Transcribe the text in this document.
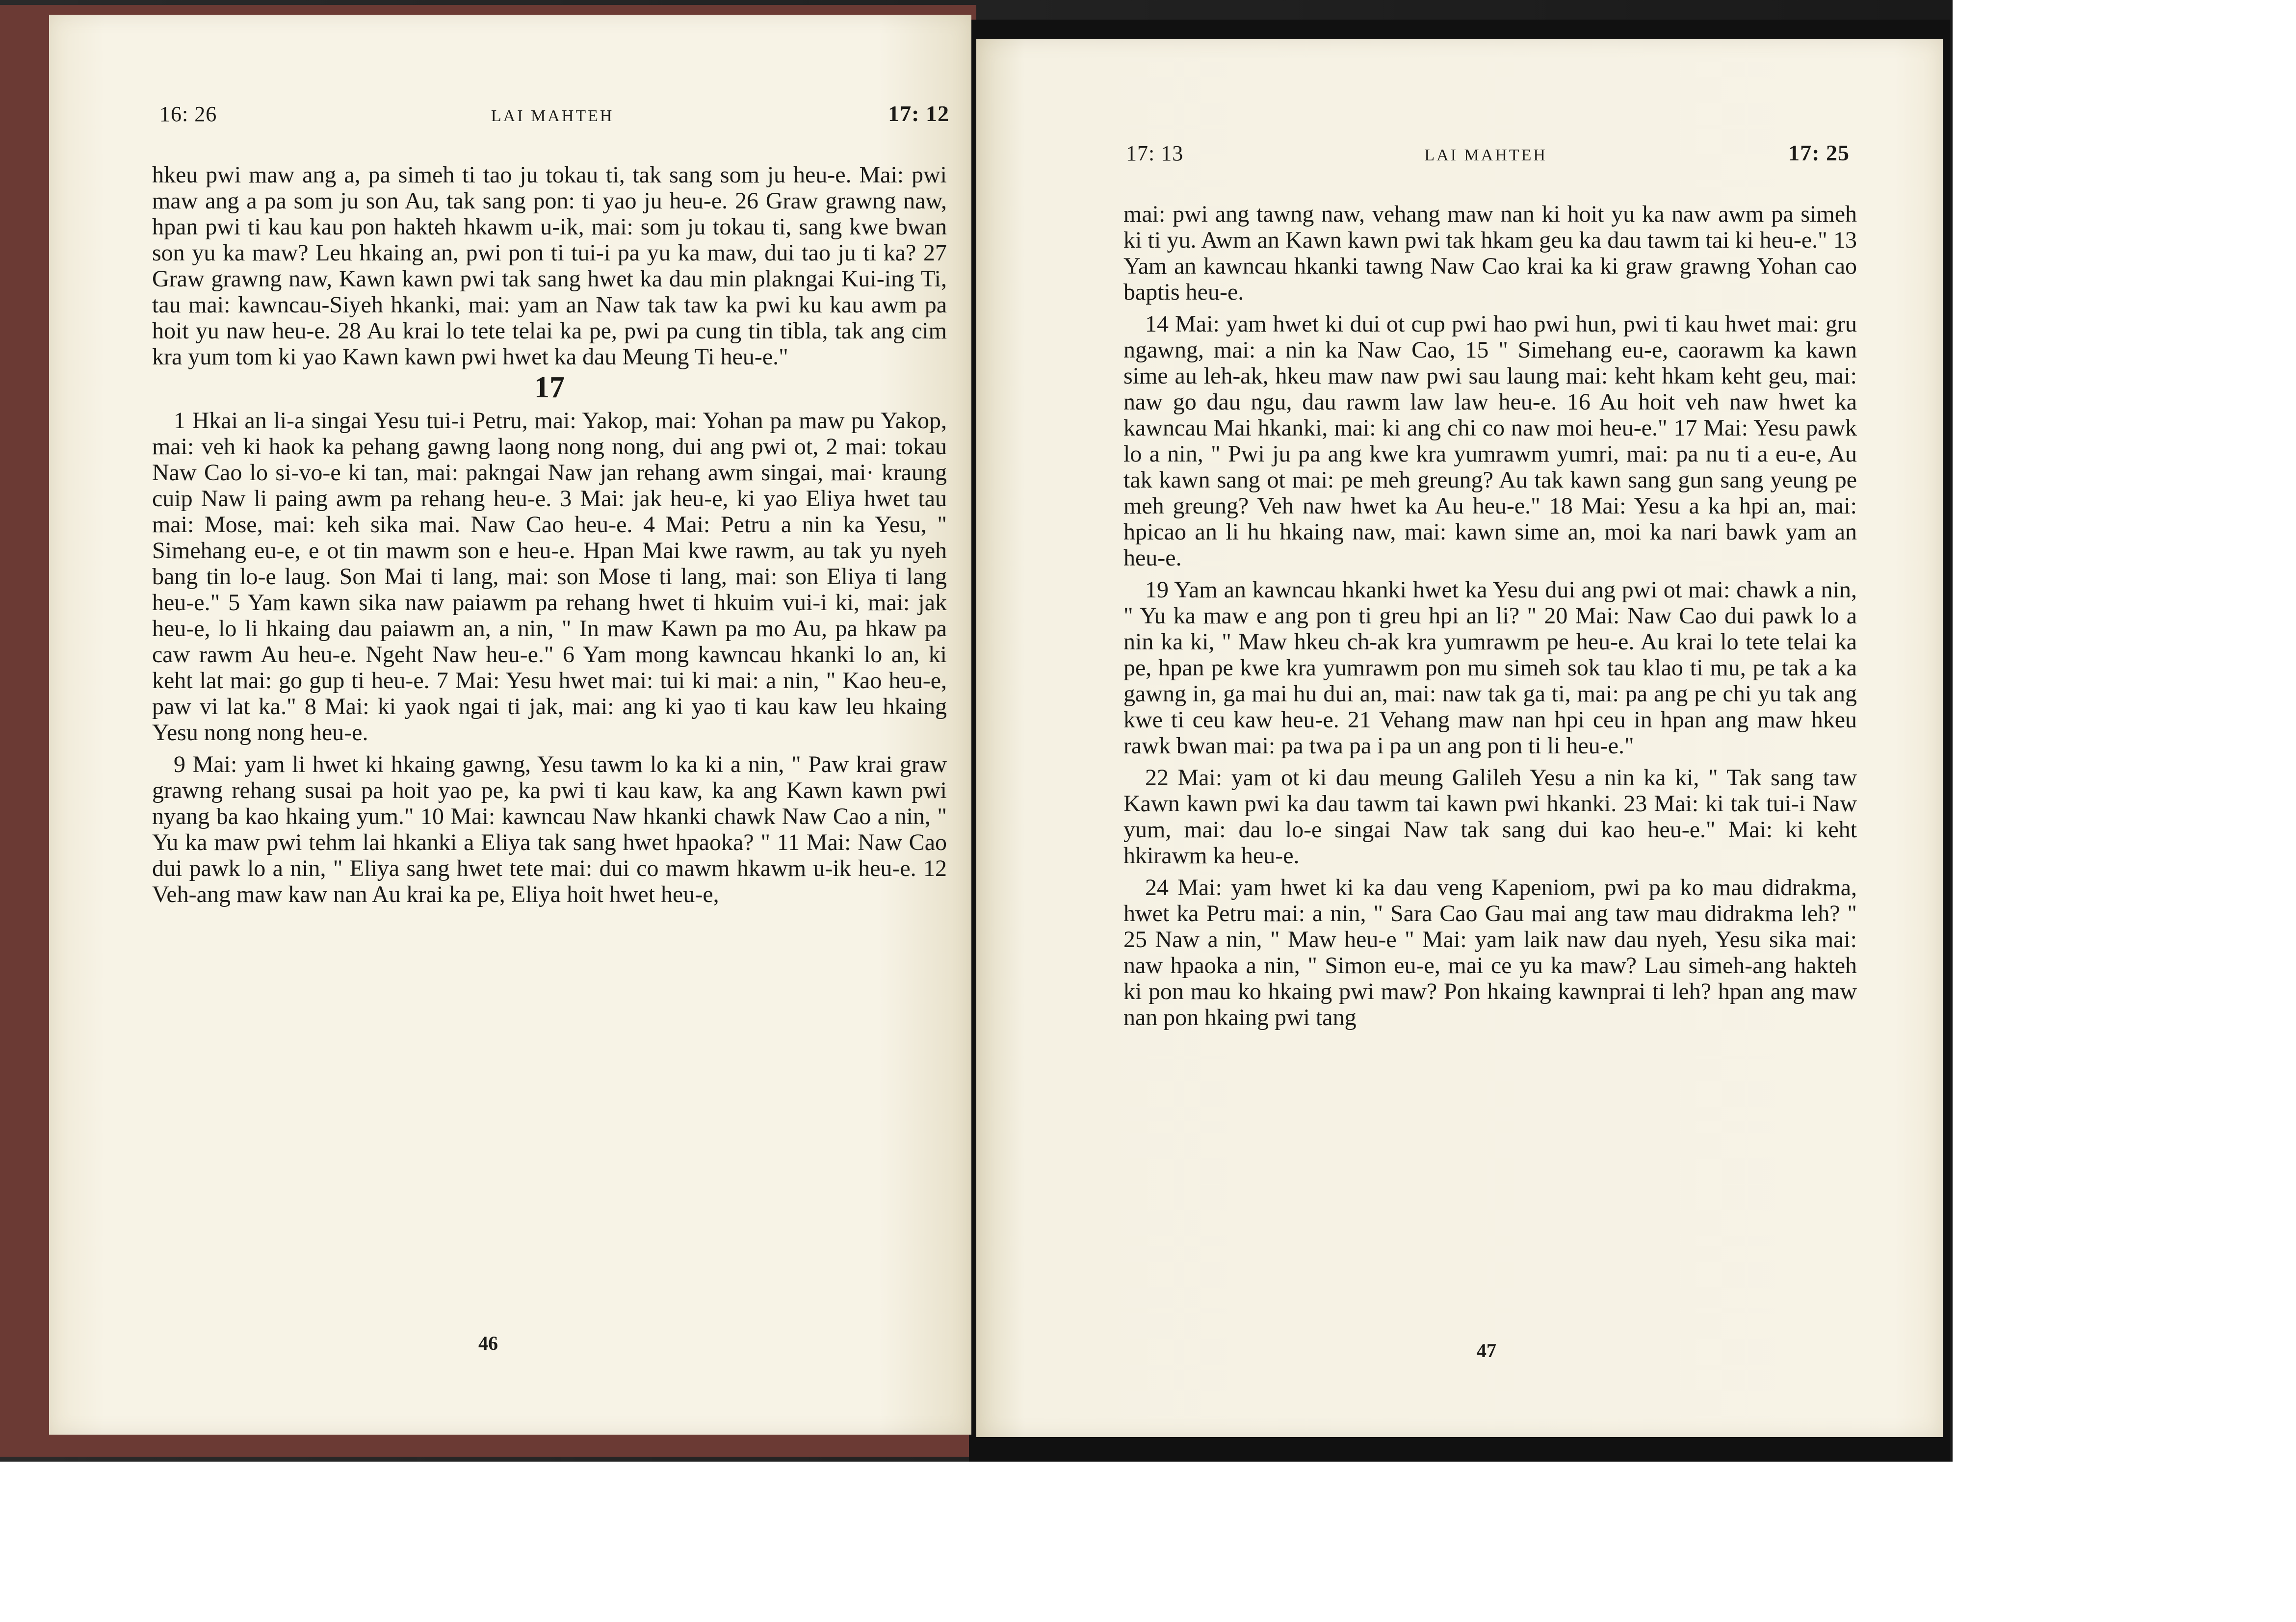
16: 26	LAI MAHTEH	17: 12

hkeu pwi maw ang a, pa simeh ti tao ju tokau ti, tak sang som ju heu-e. Mai: pwi maw ang a pa som ju son Au, tak sang pon: ti yao ju heu-e. 26 Graw grawng naw, hpan pwi ti kau kau pon hakteh hkawm u-ik, mai: som ju tokau ti, sang kwe bwan son yu ka maw? Leu hkaing an, pwi pon ti tui-i pa yu ka maw, dui tao ju ti ka? 27 Graw grawng naw, Kawn kawn pwi tak sang hwet ka dau min plakngai Kui-ing Ti, tau mai: kawncau-Siyeh hkanki, mai: yam an Naw tak taw ka pwi ku kau awm pa hoit yu naw heu-e. 28 Au krai lo tete telai ka pe, pwi pa cung tin tibla, tak ang cim kra yum tom ki yao Kawn kawn pwi hwet ka dau Meung Ti heu-e."

17

1 Hkai an li-a singai Yesu tui-i Petru, mai: Yakop, mai: Yohan pa maw pu Yakop, mai: veh ki haok ka pehang gawng laong nong nong, dui ang pwi ot, 2 mai: tokau Naw Cao lo si-vo-e ki tan, mai: pakngai Naw jan rehang awm singai, mai· kraung cuip Naw li paing awm pa rehang heu-e. 3 Mai: jak heu-e, ki yao Eliya hwet tau mai: Mose, mai: keh sika mai. Naw Cao heu-e. 4 Mai: Petru a nin ka Yesu, " Simehang eu-e, e ot tin mawm son e heu-e. Hpan Mai kwe rawm, au tak yu nyeh bang tin lo-e laug. Son Mai ti lang, mai: son Mose ti lang, mai: son Eliya ti lang heu-e." 5 Yam kawn sika naw paiawm pa rehang hwet ti hkuim vui-i ki, mai: jak heu-e, lo li hkaing dau paiawm an, a nin, " In maw Kawn pa mo Au, pa hkaw pa caw rawm Au heu-e. Ngeht Naw heu-e." 6 Yam mong kawncau hkanki lo an, ki keht lat mai: go gup ti heu-e. 7 Mai: Yesu hwet mai: tui ki mai: a nin, " Kao heu-e, paw vi lat ka." 8 Mai: ki yaok ngai ti jak, mai: ang ki yao ti kau kaw leu hkaing Yesu nong nong heu-e.

9 Mai: yam li hwet ki hkaing gawng, Yesu tawm lo ka ki a nin, " Paw krai graw grawng rehang susai pa hoit yao pe, ka pwi ti kau kaw, ka ang Kawn kawn pwi nyang ba kao hkaing yum." 10 Mai: kawncau Naw hkanki chawk Naw Cao a nin, " Yu ka maw pwi tehm lai hkanki a Eliya tak sang hwet hpaoka? " 11 Mai: Naw Cao dui pawk lo a nin, " Eliya sang hwet tete mai: dui co mawm hkawm u-ik heu-e. 12 Veh-ang maw kaw nan Au krai ka pe, Eliya hoit hwet heu-e,

46
17: 13	LAI MAHTEH	17: 25

mai: pwi ang tawng naw, vehang maw nan ki hoit yu ka naw awm pa simeh ki ti yu. Awm an Kawn kawn pwi tak hkam geu ka dau tawm tai ki heu-e." 13 Yam an kawncau hkanki tawng Naw Cao krai ka ki graw grawng Yohan cao baptis heu-e.

14 Mai: yam hwet ki dui ot cup pwi hao pwi hun, pwi ti kau hwet mai: gru ngawng, mai: a nin ka Naw Cao, 15 " Simehang eu-e, caorawm ka kawn sime au leh-ak, hkeu maw naw pwi sau laung mai: keht hkam keht geu, mai: naw go dau ngu, dau rawm law law heu-e. 16 Au hoit veh naw hwet ka kawncau Mai hkanki, mai: ki ang chi co naw moi heu-e." 17 Mai: Yesu pawk lo a nin, " Pwi ju pa ang kwe kra yumrawm yumri, mai: pa nu ti a eu-e, Au tak kawn sang ot mai: pe meh greung? Au tak kawn sang gun sang yeung pe meh greung? Veh naw hwet ka Au heu-e." 18 Mai: Yesu a ka hpi an, mai: hpicao an li hu hkaing naw, mai: kawn sime an, moi ka nari bawk yam an heu-e.

19 Yam an kawncau hkanki hwet ka Yesu dui ang pwi ot mai: chawk a nin, " Yu ka maw e ang pon ti greu hpi an li? " 20 Mai: Naw Cao dui pawk lo a nin ka ki, " Maw hkeu ch-ak kra yumrawm pe heu-e. Au krai lo tete telai ka pe, hpan pe kwe kra yumrawm pon mu simeh sok tau klao ti mu, pe tak a ka gawng in, ga mai hu dui an, mai: naw tak ga ti, mai: pa ang pe chi yu tak ang kwe ti ceu kaw heu-e. 21 Vehang maw nan hpi ceu in hpan ang maw hkeu rawk bwan mai: pa twa pa i pa un ang pon ti li heu-e."

22 Mai: yam ot ki dau meung Galileh Yesu a nin ka ki, " Tak sang taw Kawn kawn pwi ka dau tawm tai kawn pwi hkanki. 23 Mai: ki tak tui-i Naw yum, mai: dau lo-e singai Naw tak sang dui kao heu-e." Mai: ki keht hkirawm ka heu-e.

24 Mai: yam hwet ki ka dau veng Kapeniom, pwi pa ko mau didrakma, hwet ka Petru mai: a nin, " Sara Cao Gau mai ang taw mau didrakma leh? " 25 Naw a nin, " Maw heu-e " Mai: yam laik naw dau nyeh, Yesu sika mai: naw hpaoka a nin, " Simon eu-e, mai ce yu ka maw? Lau simeh-ang hakteh ki pon mau ko hkaing pwi maw? Pon hkaing kawnprai ti leh? hpan ang maw nan pon hkaing pwi tang

47
